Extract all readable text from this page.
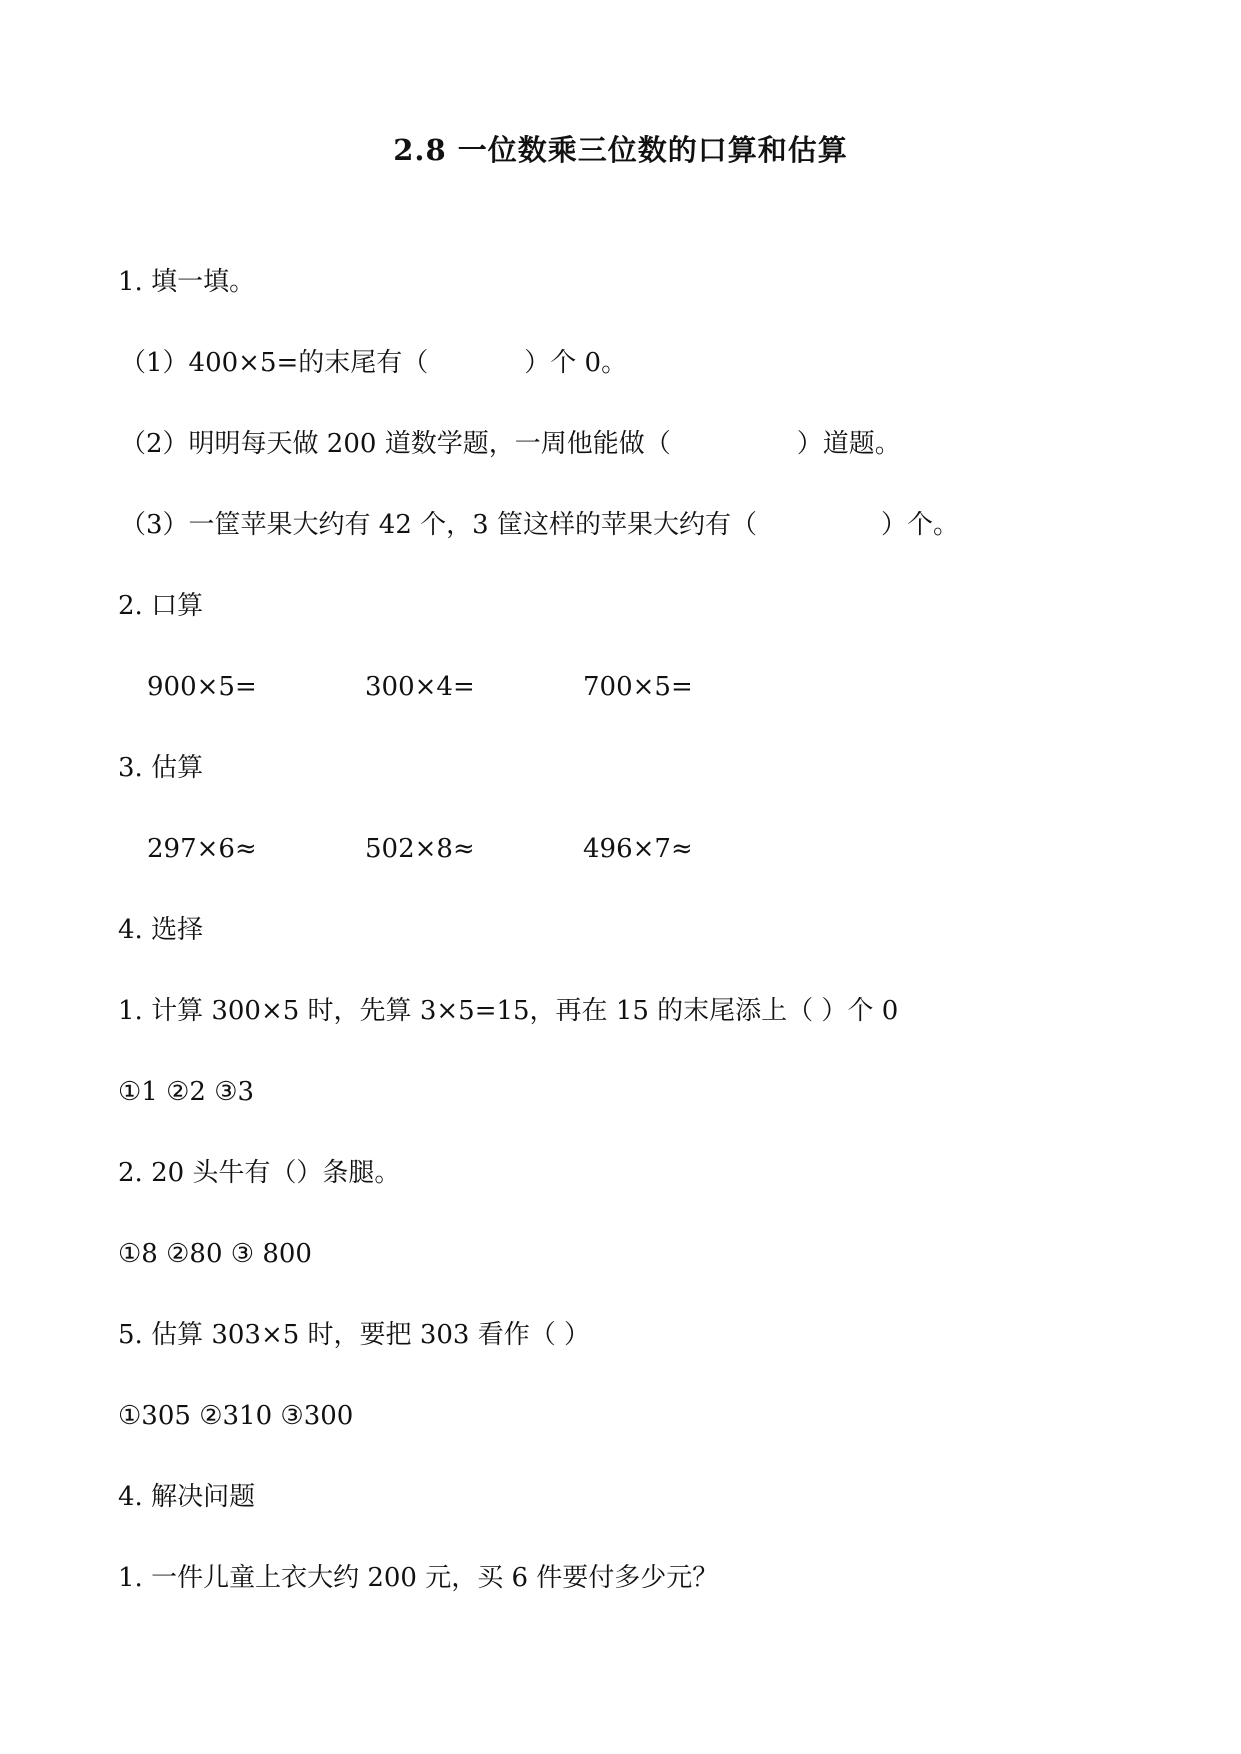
2.8 一位数乘三位数的口算和估算
1. 填一填。
（1）400×5=的末尾有（	）个 0。
（2）明明每天做 200 道数学题，一周他能做（	）道题。
（3）一筐苹果大约有 42 个，3 筐这样的苹果大约有（	）个。
2. 口算
900×5=	300×4=	700×5=
3. 估算
297×6≈	502×8≈	496×7≈
4. 选择
1. 计算 300×5 时，先算 3×5=15，再在 15 的末尾添上（ ）个 0
①1 ②2 ③3
2. 20 头牛有（）条腿。
①8 ②80 ③ 800
5. 估算 303×5 时，要把 303 看作（ ）
①305 ②310 ③300
4. 解决问题
1. 一件儿童上衣大约 200 元，买 6 件要付多少元？
